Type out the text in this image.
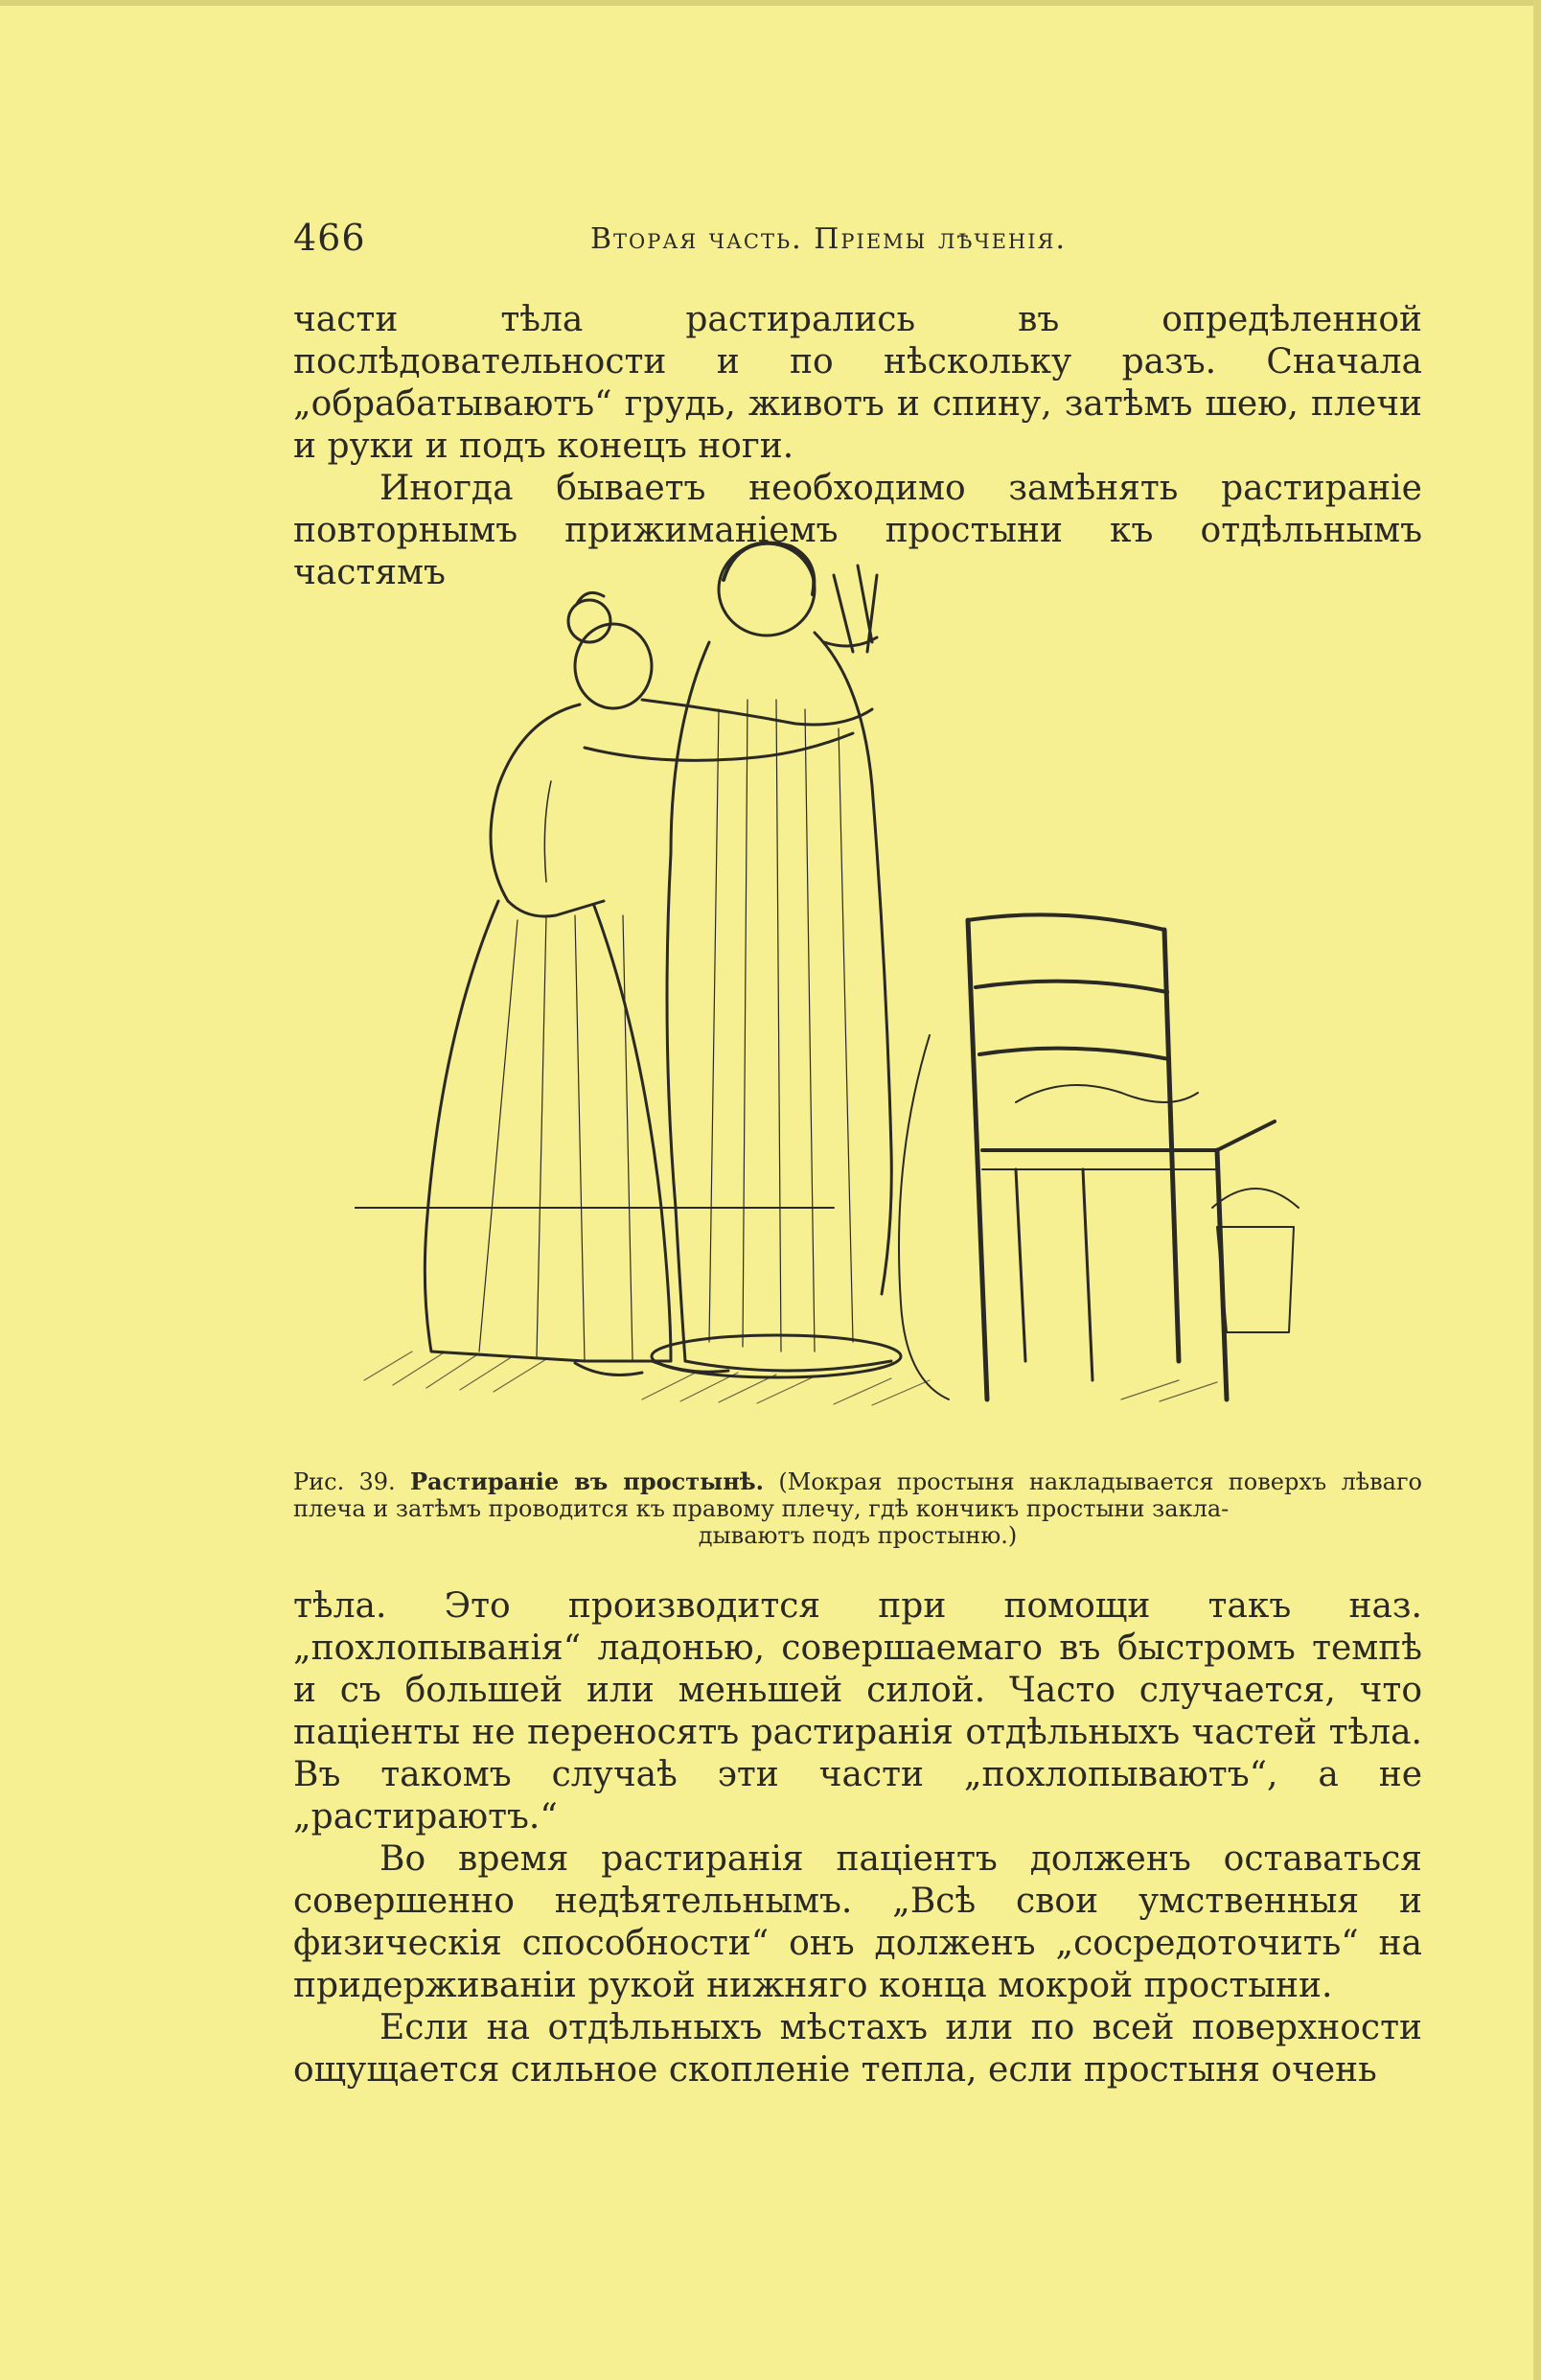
466	Вторая часть. Пріемы лѣченія.

части тѣла растирались въ опредѣленной послѣдовательности и по нѣскольку разъ. Сначала „обрабатываютъ“ грудь, животъ и спину, затѣмъ шею, плечи и руки и подъ конецъ ноги.

Иногда бываетъ необходимо замѣнять растираніе повторнымъ прижиманіемъ простыни къ отдѣльнымъ частямъ

Рис. 39. Растираніе въ простынѣ. (Мокрая простыня накладывается поверхъ лѣваго плеча и затѣмъ проводится къ правому плечу, гдѣ кончикъ простыни закла-
дываютъ подъ простыню.)

тѣла. Это производится при помощи такъ наз. „похлопыванія“ ладонью, совершаемаго въ быстромъ темпѣ и съ большей или меньшей силой. Часто случается, что паціенты не переносятъ растиранія отдѣльныхъ частей тѣла. Въ такомъ случаѣ эти части „похлопываютъ“, а не „растираютъ.“

Во время растиранія паціентъ долженъ оставаться совершенно недѣятельнымъ. „Всѣ свои умственныя и физическія способности“ онъ долженъ „сосредоточить“ на придерживаніи рукой нижняго конца мокрой простыни.

Если на отдѣльныхъ мѣстахъ или по всей поверхности ощущается сильное скопленіе тепла, если простыня очень
